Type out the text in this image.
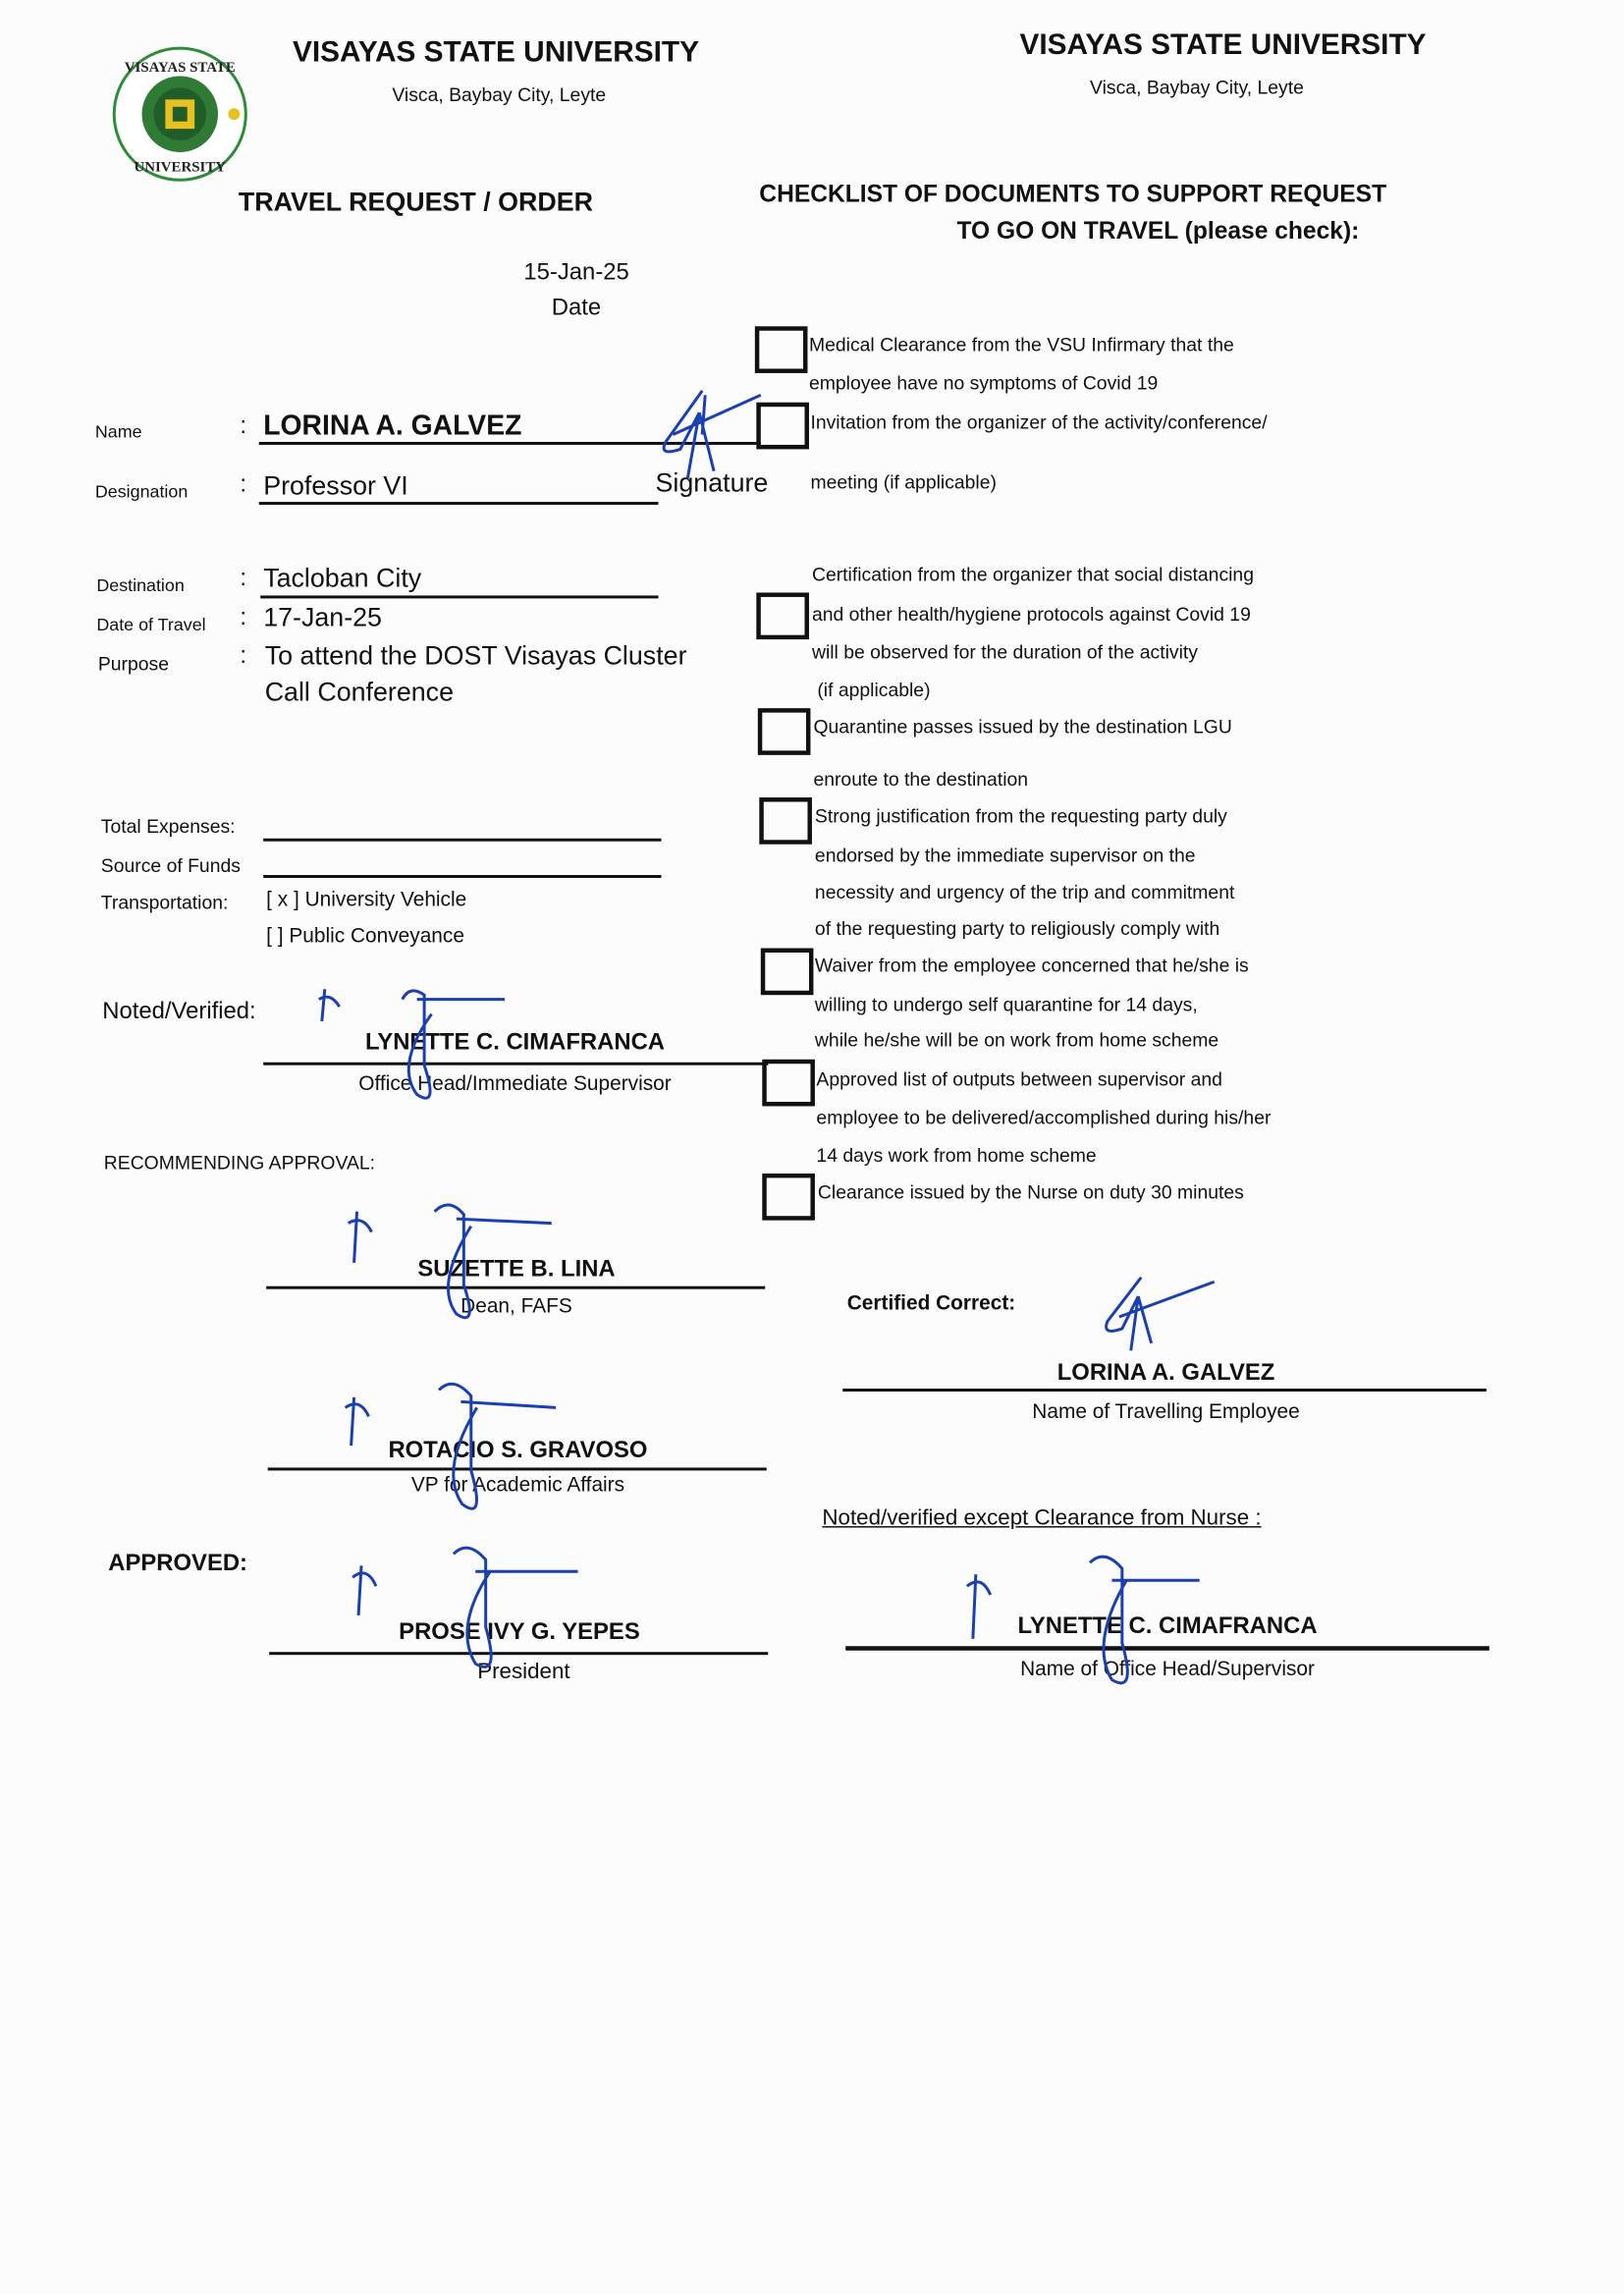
VISAYAS STATE
UNIVERSITY
VISAYAS STATE UNIVERSITY
Visca, Baybay City, Leyte
VISAYAS STATE UNIVERSITY
Visca, Baybay City, Leyte
TRAVEL REQUEST / ORDER	CHECKLIST OF DOCUMENTS TO SUPPORT REQUEST
TO GO ON TRAVEL (please check):
15-Jan-25
Date
Name	: LORINA A. GALVEZ
Designation	: Professor VI	Signature
Destination	: Tacloban City
Date of Travel : 17-Jan-25
Purpose	: To attend the DOST Visayas Cluster
Call Conference
Total Expenses:
Source of Funds
Transportation:	[ x ] University Vehicle
[ ] Public Conveyance
Noted/Verified:
LYNETTE C. CIMAFRANCA
Office Head/Immediate Supervisor
RECOMMENDING APPROVAL:
SUZETTE B. LINA
Dean, FAFS
ROTACIO S. GRAVOSO
VP for Academic Affairs
APPROVED:
PROSE IVY G. YEPES
President
Medical Clearance from the VSU Infirmary that the
employee have no symptoms of Covid 19
Invitation from the organizer of the activity/conference/
meeting (if applicable)
Certification from the organizer that social distancing
and other health/hygiene protocols against Covid 19
will be observed for the duration of the activity
(if applicable)
Quarantine passes issued by the destination LGU
enroute to the destination
Strong justification from the requesting party duly
endorsed by the immediate supervisor on the
necessity and urgency of the trip and commitment
of the requesting party to religiously comply with
Waiver from the employee concerned that he/she is
willing to undergo self quarantine for 14 days,
while he/she will be on work from home scheme
Approved list of outputs between supervisor and
employee to be delivered/accomplished during his/her
14 days work from home scheme
Clearance issued by the Nurse on duty 30 minutes
Certified Correct:
LORINA A. GALVEZ
Name of Travelling Employee
Noted/verified except Clearance from Nurse :
LYNETTE C. CIMAFRANCA
Name of Office Head/Supervisor
